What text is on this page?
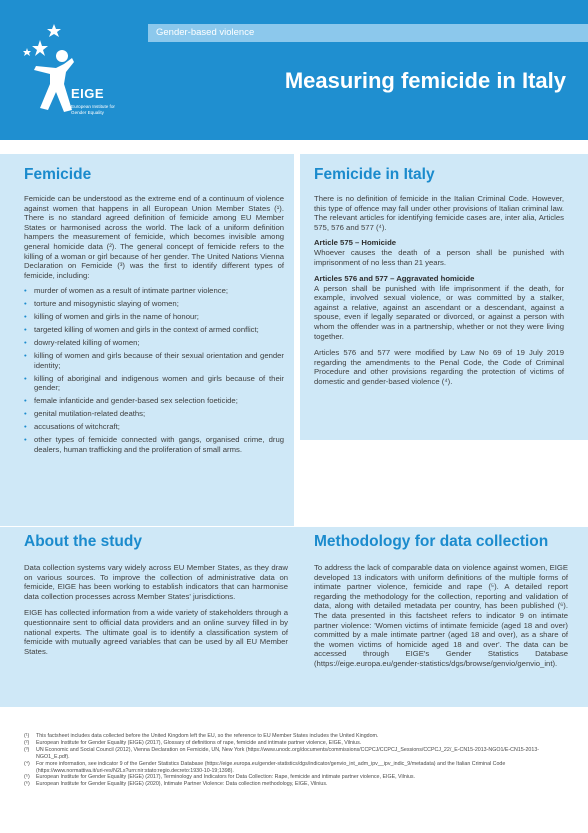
EIGE
European Institute for Gender Equality
Gender-based violence
Measuring femicide in Italy
Femicide
Femicide can be understood as the extreme end of a continuum of violence against women that happens in all European Union Member States (¹). There is no standard agreed definition of femicide among EU Member States or harmonised across the world. The lack of a uniform definition hampers the measurement of femicide, which becomes invisible among general homicide data (²). The general concept of femicide refers to the killing of a woman or girl because of her gender. The United Nations Vienna Declaration on Femicide (³) was the first to identify different types of femicide, including:
• murder of women as a result of intimate partner violence;
• torture and misogynistic slaying of women;
• killing of women and girls in the name of honour;
• targeted killing of women and girls in the context of armed conflict;
• dowry-related killing of women;
• killing of women and girls because of their sexual orientation and gender identity;
• killing of aboriginal and indigenous women and girls because of their gender;
• female infanticide and gender-based sex selection foeticide;
• genital mutilation-related deaths;
• accusations of witchcraft;
• other types of femicide connected with gangs, organised crime, drug dealers, human trafficking and the proliferation of small arms.
Femicide in Italy
There is no definition of femicide in the Italian Criminal Code. However, this type of offence may fall under other provisions of Italian criminal law. The relevant articles for identifying femicide cases are, inter alia, Articles 575, 576 and 577 (⁴).
Article 575 – Homicide
Whoever causes the death of a person shall be punished with imprisonment of no less than 21 years.
Articles 576 and 577 – Aggravated homicide
A person shall be punished with life imprisonment if the death, for example, involved sexual violence, or was committed by a stalker, against a relative, against an ascendant or a descendant, against a spouse, even if legally separated or divorced, or against a person with whom the offender was in a partnership, whether or not they were living together.
Articles 576 and 577 were modified by Law No 69 of 19 July 2019 regarding the amendments to the Penal Code, the Code of Criminal Procedure and other provisions regarding the protection of victims of domestic and gender-based violence (⁴).
About the study
Data collection systems vary widely across EU Member States, as they draw on various sources. To improve the collection of administrative data on femicide, EIGE has been working to establish indicators that can harmonise data collection processes across Member States' jurisdictions.
EIGE has collected information from a wide variety of stakeholders through a questionnaire sent to official data providers and an online survey filled in by national experts. The ultimate goal is to identify a classification system of femicide with mutually agreed variables that can be used by all EU Member States.
Methodology for data collection
To address the lack of comparable data on violence against women, EIGE developed 13 indicators with uniform definitions of the multiple forms of intimate partner violence, femicide and rape (⁵). A detailed report regarding the methodology for the collection, reporting and validation of data, along with detailed metadata per country, has been published (⁶). The data presented in this factsheet refers to indicator 9 on intimate partner violence: 'Women victims of intimate femicide (aged 18 and over) committed by a male intimate partner (aged 18 and over), as a share of the women victims of homicide aged 18 and over'. The data can be accessed through EIGE's Gender Statistics Database (https://eige.europa.eu/gender-statistics/dgs/browse/genvio/genvio_int).
(¹) This factsheet includes data collected before the United Kingdom left the EU, so the reference to EU Member States includes the United Kingdom.
(²) European Institute for Gender Equality (EIGE) (2017), Glossary of definitions of rape, femicide and intimate partner violence, EIGE, Vilnius.
(³) UN Economic and Social Council (2012), Vienna Declaration on Femicide, UN, New York (https://www.unodc.org/documents/commissions/CCPCJ/CCPCJ_Sessions/CCPCJ_22/_E-CN15-2013-NGO1/E-CN15-2013-NGO1_E.pdf).
(⁴) For more information, see indicator 9 of the Gender Statistics Database (https://eige.europa.eu/gender-statistics/dgs/indicator/genvio_int_adm_ipv__ipv_indic_9/metadata) and the Italian Criminal Code (https://www.normattiva.it/uri-res/N2Ls?urn:nir:stato:regio.decreto:1930-10-19;1398).
(⁵) European Institute for Gender Equality (EIGE) (2017), Terminology and Indicators for Data Collection: Rape, femicide and intimate partner violence, EIGE, Vilnius.
(⁶) European Institute for Gender Equality (EIGE) (2020), Intimate Partner Violence: Data collection methodology, EIGE, Vilnius.
